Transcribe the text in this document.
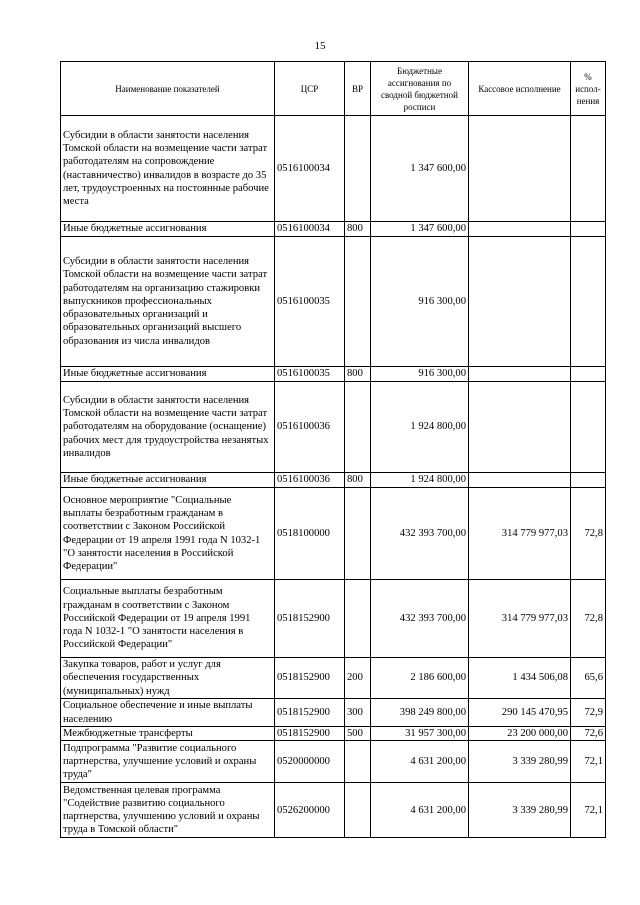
15
Наименование показателей	ЦСР	ВР	Бюджетные ассигнования по сводной бюджетной росписи	Кассовое исполнение	% испол-нения
Субсидии в области занятости населения Томской области на возмещение части затрат работодателям на сопровождение (наставничество) инвалидов в возрасте до 35 лет, трудоустроенных на постоянные рабочие места	0516100034		1 347 600,00		
Иные бюджетные ассигнования	0516100034	800	1 347 600,00		
Субсидии в области занятости населения Томской области на возмещение части затрат работодателям на организацию стажировки выпускников профессиональных образовательных организаций и образовательных организаций высшего образования из числа инвалидов	0516100035		916 300,00		
Иные бюджетные ассигнования	0516100035	800	916 300,00		
Субсидии в области занятости населения Томской области на возмещение части затрат работодателям на оборудование (оснащение) рабочих мест для трудоустройства незанятых инвалидов	0516100036		1 924 800,00		
Иные бюджетные ассигнования	0516100036	800	1 924 800,00		
Основное мероприятие "Социальные выплаты безработным гражданам в соответствии с Законом Российской Федерации от 19 апреля 1991 года N 1032-1 "О занятости населения в Российской Федерации"	0518100000		432 393 700,00	314 779 977,03	72,8
Социальные выплаты безработным гражданам в соответствии с Законом Российской Федерации от 19 апреля 1991 года N 1032-1 "О занятости населения в Российской Федерации"	0518152900		432 393 700,00	314 779 977,03	72,8
Закупка товаров, работ и услуг для обеспечения государственных (муниципальных) нужд	0518152900	200	2 186 600,00	1 434 506,08	65,6
Социальное обеспечение и иные выплаты населению	0518152900	300	398 249 800,00	290 145 470,95	72,9
Межбюджетные трансферты	0518152900	500	31 957 300,00	23 200 000,00	72,6
Подпрограмма "Развитие социального партнерства, улучшение условий и охраны труда"	0520000000		4 631 200,00	3 339 280,99	72,1
Ведомственная целевая программа "Содействие развитию социального партнерства, улучшению условий и охраны труда в Томской области"	0526200000		4 631 200,00	3 339 280,99	72,1
